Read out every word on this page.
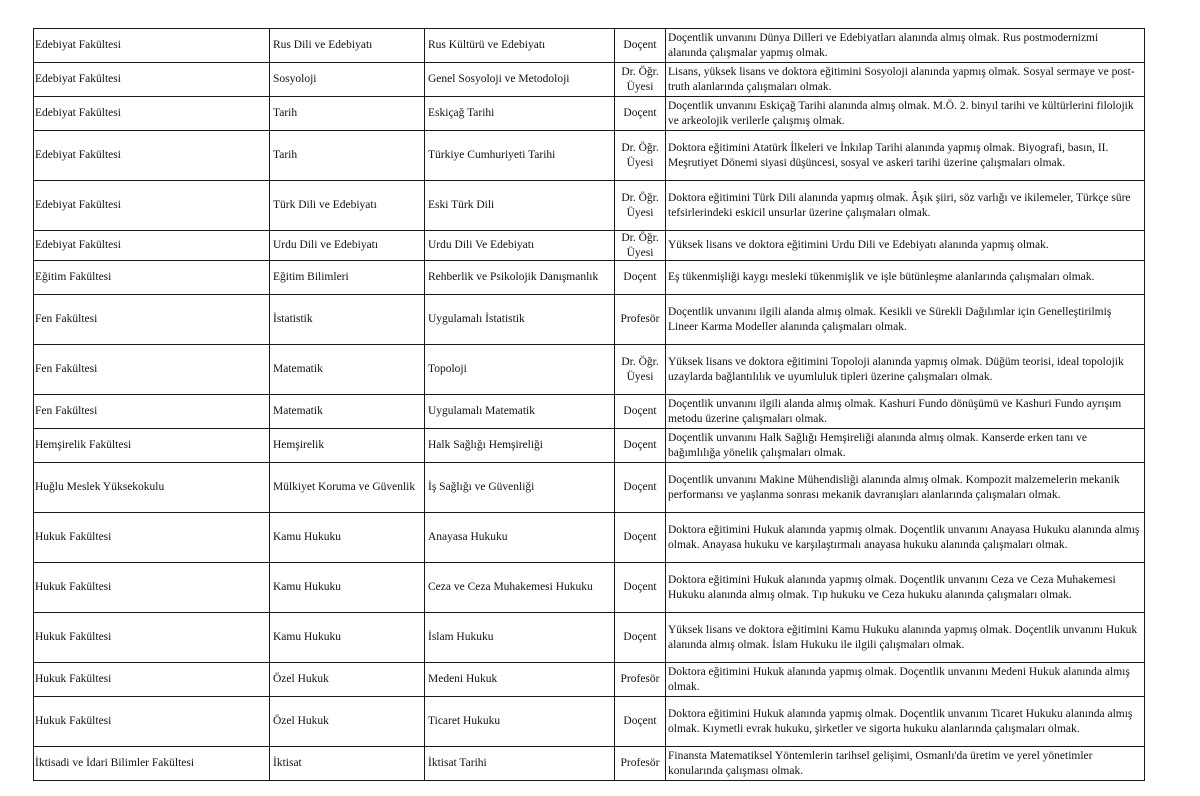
Edebiyat Fakültesi	Rus Dili ve Edebiyatı	Rus Kültürü ve Edebiyatı	Doçent	Doçentlik unvanını Dünya Dilleri ve Edebiyatları alanında almış olmak. Rus postmodernizmi alanında çalışmalar yapmış olmak.
Edebiyat Fakültesi	Sosyoloji	Genel Sosyoloji ve Metodoloji	Dr. Öğr. Üyesi	Lisans, yüksek lisans ve doktora eğitimini Sosyoloji alanında yapmış olmak. Sosyal sermaye ve post-truth alanlarında çalışmaları olmak.
Edebiyat Fakültesi	Tarih	Eskiçağ Tarihi	Doçent	Doçentlik unvanını Eskiçağ Tarihi alanında almış olmak. M.Ö. 2. binyıl tarihi ve kültürlerini filolojik ve arkeolojik verilerle çalışmış olmak.
Edebiyat Fakültesi	Tarih	Türkiye Cumhuriyeti Tarihi	Dr. Öğr. Üyesi	Doktora eğitimini Atatürk İlkeleri ve İnkılap Tarihi alanında yapmış olmak. Biyografi, basın, II. Meşrutiyet Dönemi siyasi düşüncesi, sosyal ve askeri tarihi üzerine çalışmaları olmak.
Edebiyat Fakültesi	Türk Dili ve Edebiyatı	Eski Türk Dili	Dr. Öğr. Üyesi	Doktora eğitimini Türk Dili alanında yapmış olmak. Âşık şiiri, söz varlığı ve ikilemeler, Türkçe süre tefsirlerindeki eskicil unsurlar üzerine çalışmaları olmak.
Edebiyat Fakültesi	Urdu Dili ve Edebiyatı	Urdu Dili Ve Edebiyatı	Dr. Öğr. Üyesi	Yüksek lisans ve doktora eğitimini Urdu Dili ve Edebiyatı alanında yapmış olmak.
Eğitim Fakültesi	Eğitim Bilimleri	Rehberlik ve Psikolojik Danışmanlık	Doçent	Eş tükenmişliği kaygı mesleki tükenmişlik ve işle bütünleşme alanlarında çalışmaları olmak.
Fen Fakültesi	İstatistik	Uygulamalı İstatistik	Profesör	Doçentlik unvanını ilgili alanda almış olmak. Kesikli ve Sürekli Dağılımlar için Genelleştirilmiş Lineer Karma Modeller alanında çalışmaları olmak.
Fen Fakültesi	Matematik	Topoloji	Dr. Öğr. Üyesi	Yüksek lisans ve doktora eğitimini Topoloji alanında yapmış olmak. Düğüm teorisi, ideal topolojik uzaylarda bağlantılılık ve uyumluluk tipleri üzerine çalışmaları olmak.
Fen Fakültesi	Matematik	Uygulamalı Matematik	Doçent	Doçentlik unvanını ilgili alanda almış olmak. Kashuri Fundo dönüşümü ve Kashuri Fundo ayrışım metodu üzerine çalışmaları olmak.
Hemşirelik Fakültesi	Hemşirelik	Halk Sağlığı Hemşireliği	Doçent	Doçentlik unvanını Halk Sağlığı Hemşireliği alanında almış olmak. Kanserde erken tanı ve bağımlılığa yönelik çalışmaları olmak.
Huğlu Meslek Yüksekokulu	Mülkiyet Koruma ve Güvenlik	İş Sağlığı ve Güvenliği	Doçent	Doçentlik unvanını Makine Mühendisliği alanında almış olmak. Kompozit malzemelerin mekanik performansı ve yaşlanma sonrası mekanik davranışları alanlarında çalışmaları olmak.
Hukuk Fakültesi	Kamu Hukuku	Anayasa Hukuku	Doçent	Doktora eğitimini Hukuk alanında yapmış olmak. Doçentlik unvanını Anayasa Hukuku alanında almış olmak. Anayasa hukuku ve karşılaştırmalı anayasa hukuku alanında çalışmaları olmak.
Hukuk Fakültesi	Kamu Hukuku	Ceza ve Ceza Muhakemesi Hukuku	Doçent	Doktora eğitimini Hukuk alanında yapmış olmak. Doçentlik unvanını Ceza ve Ceza Muhakemesi Hukuku alanında almış olmak. Tıp hukuku ve Ceza hukuku alanında çalışmaları olmak.
Hukuk Fakültesi	Kamu Hukuku	İslam Hukuku	Doçent	Yüksek lisans ve doktora eğitimini Kamu Hukuku alanında yapmış olmak. Doçentlik unvanını Hukuk alanında almış olmak. İslam Hukuku ile ilgili çalışmaları olmak.
Hukuk Fakültesi	Özel Hukuk	Medeni Hukuk	Profesör	Doktora eğitimini Hukuk alanında yapmış olmak. Doçentlik unvanını Medeni Hukuk alanında almış olmak.
Hukuk Fakültesi	Özel Hukuk	Ticaret Hukuku	Doçent	Doktora eğitimini Hukuk alanında yapmış olmak. Doçentlik unvanını Ticaret Hukuku alanında almış olmak. Kıymetli evrak hukuku, şirketler ve sigorta hukuku alanlarında çalışmaları olmak.
İktisadi ve İdari Bilimler Fakültesi	İktisat	İktisat Tarihi	Profesör	Finansta Matematiksel Yöntemlerin tarihsel gelişimi, Osmanlı'da üretim ve yerel yönetimler konularında çalışması olmak.
